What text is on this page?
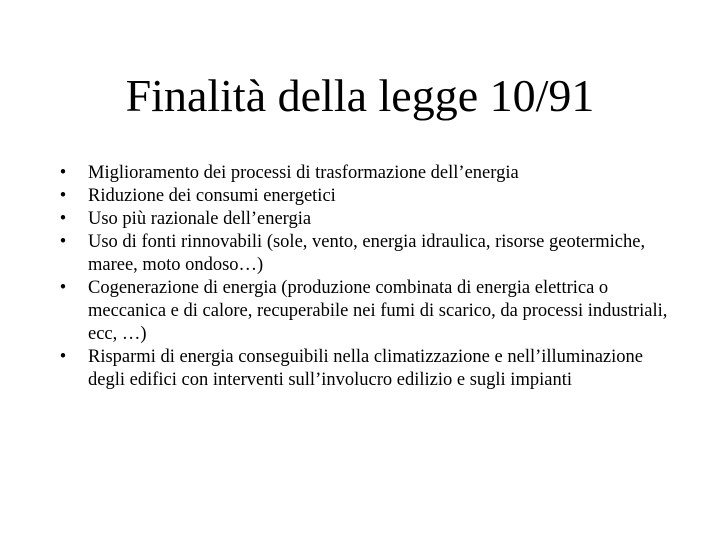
Finalità della legge 10/91
• Miglioramento dei processi di trasformazione dell’energia
• Riduzione dei consumi energetici
• Uso più razionale dell’energia
• Uso di fonti rinnovabili (sole, vento, energia idraulica, risorse geotermiche, maree, moto ondoso…)
• Cogenerazione di energia (produzione combinata di energia elettrica o meccanica e di calore, recuperabile nei fumi di scarico, da processi industriali, ecc, …)
• Risparmi di energia conseguibili nella climatizzazione e nell’illuminazione degli edifici con interventi sull’involucro edilizio e sugli impianti
